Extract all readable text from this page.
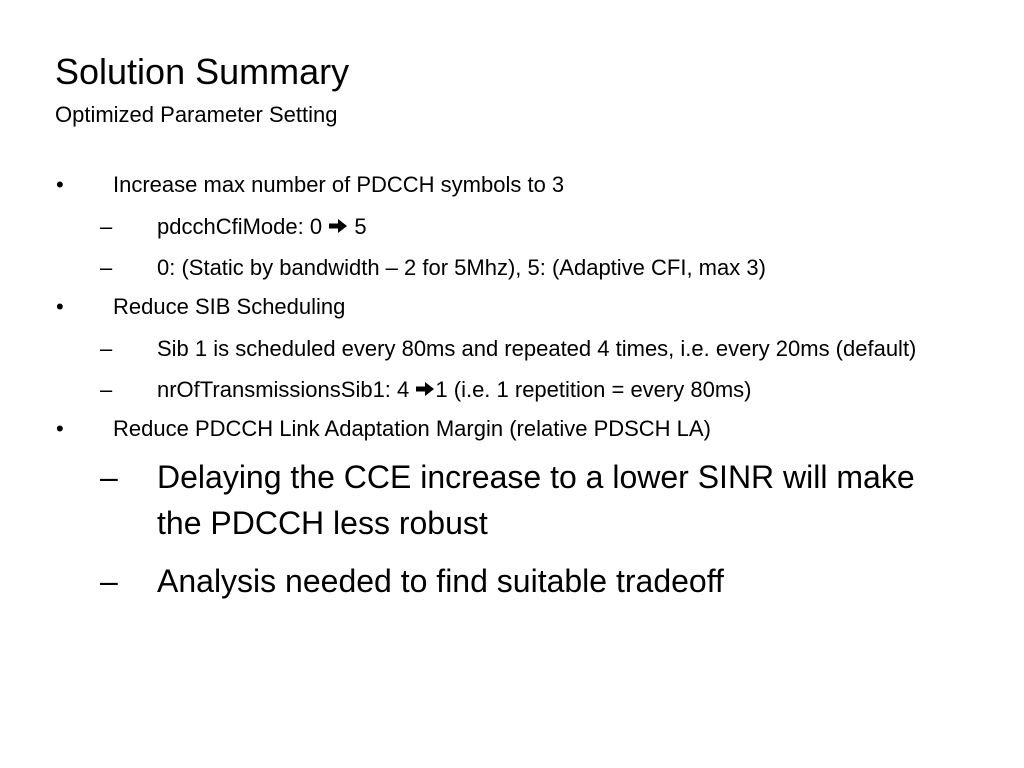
Solution Summary
Optimized Parameter Setting
• Increase max number of PDCCH symbols to 3
– pdcchCfiMode: 0  5
– 0: (Static by bandwidth – 2 for 5Mhz), 5: (Adaptive CFI, max 3)
• Reduce SIB Scheduling
– Sib 1 is scheduled every 80ms and repeated 4 times, i.e. every 20ms (default)
– nrOfTransmissionsSib1: 4 1 (i.e. 1 repetition = every 80ms)
• Reduce PDCCH Link Adaptation Margin (relative PDSCH LA)
– Delaying the CCE increase to a lower SINR will make the PDCCH less robust
– Analysis needed to find suitable tradeoff
